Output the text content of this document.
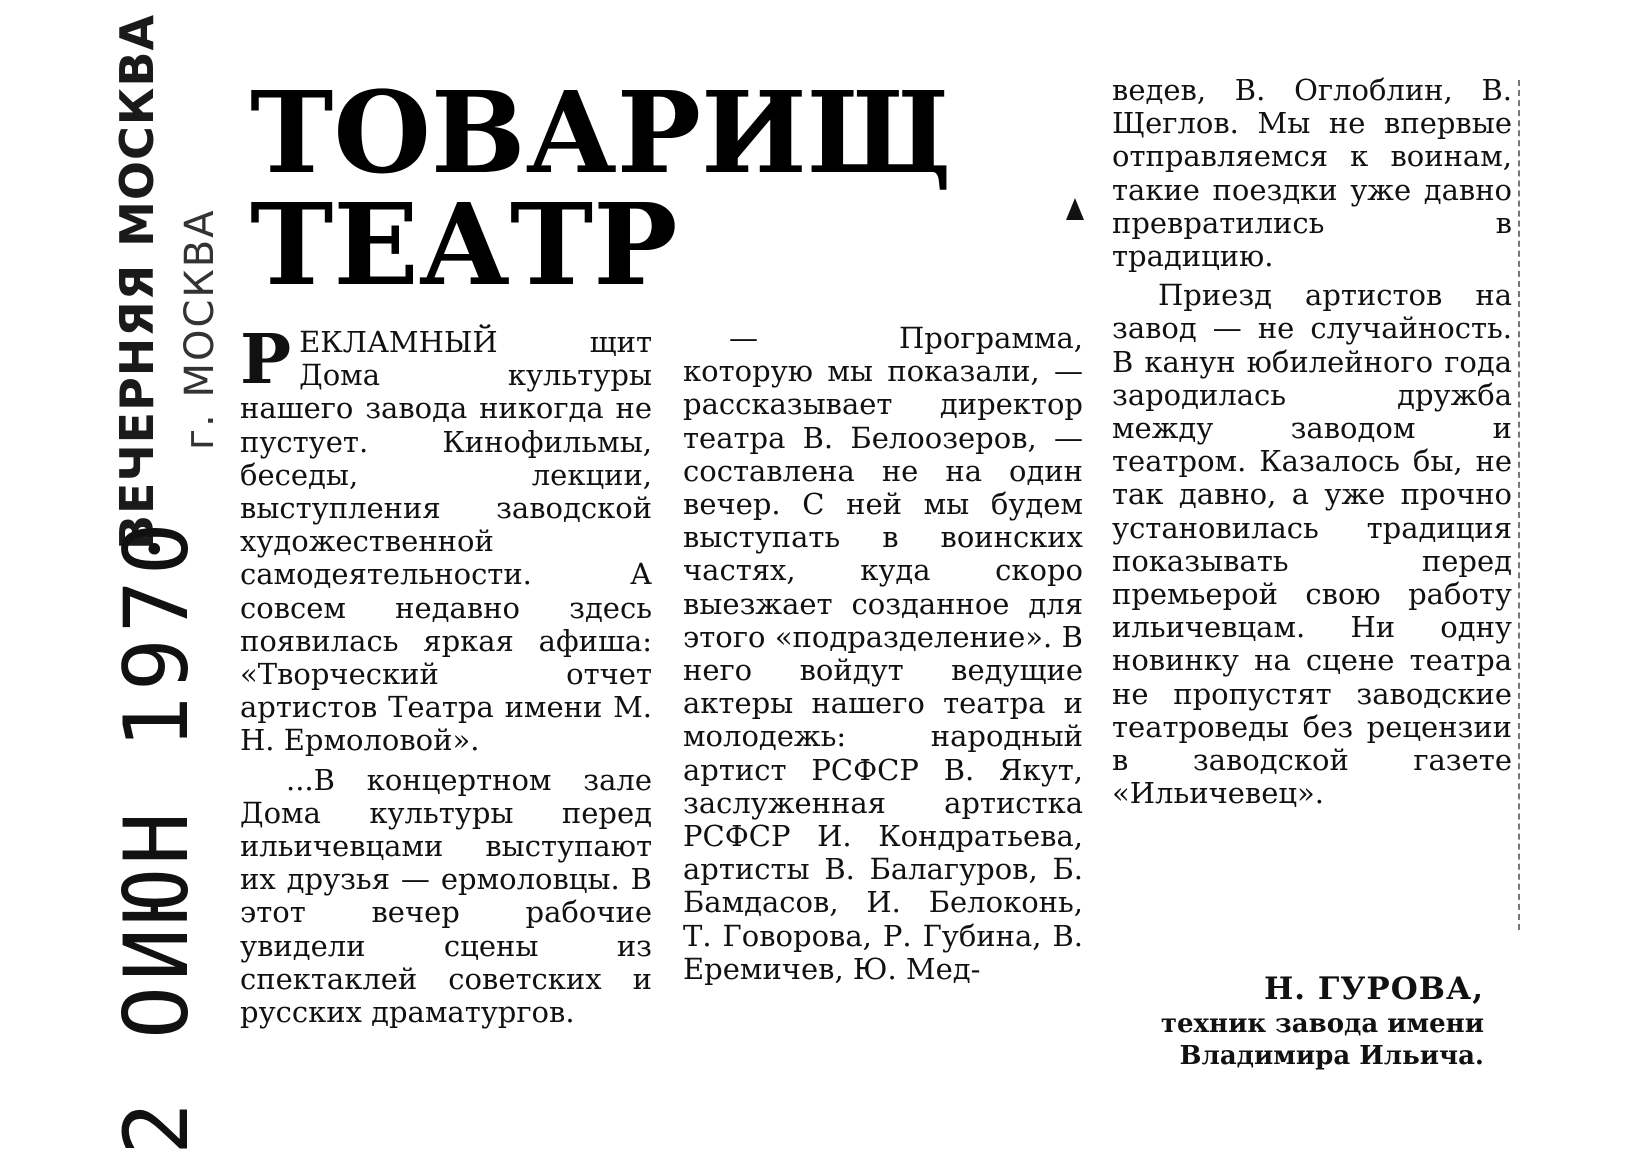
ВЕЧЕРНЯЯ МОСКВА г. МОСКВА
2 ОИЮН 1970
ТОВАРИЩ
ТЕАТР

РЕКЛАМНЫЙ щит Дома культуры нашего завода никогда не пустует. Кинофильмы, беседы, лекции, выступления заводской художественной самодеятельности. А совсем недавно здесь появилась яркая афиша: «Творческий отчет артистов Театра имени М. Н. Ермоловой».

...В концертном зале Дома культуры перед ильичевцами выступают их друзья — ермоловцы. В этот вечер рабочие увидели сцены из спектаклей советских и русских драматургов.

— Программа, которую мы показали, — рассказывает директор театра В. Белоозеров, — составлена не на один вечер. С ней мы будем выступать в воинских частях, куда скоро выезжает созданное для этого «подразделение». В него войдут ведущие актеры нашего театра и молодежь: народный артист РСФСР В. Якут, заслуженная артистка РСФСР И. Кондратьева, артисты В. Балагуров, Б. Бамдасов, И. Белоконь, Т. Говорова, Р. Губина, В. Еремичев, Ю. Мед-

ведев, В. Оглоблин, В. Щеглов. Мы не впервые отправляемся к воинам, такие поездки уже давно превратились в традицию.

Приезд артистов на завод — не случайность. В канун юбилейного года зародилась дружба между заводом и театром. Казалось бы, не так давно, а уже прочно установилась традиция показывать перед премьерой свою работу ильичевцам. Ни одну новинку на сцене театра не пропустят заводские театроведы без рецензии в заводской газете «Ильичевец».

Н. ГУРОВА,
техник завода имени
Владимира Ильича.
